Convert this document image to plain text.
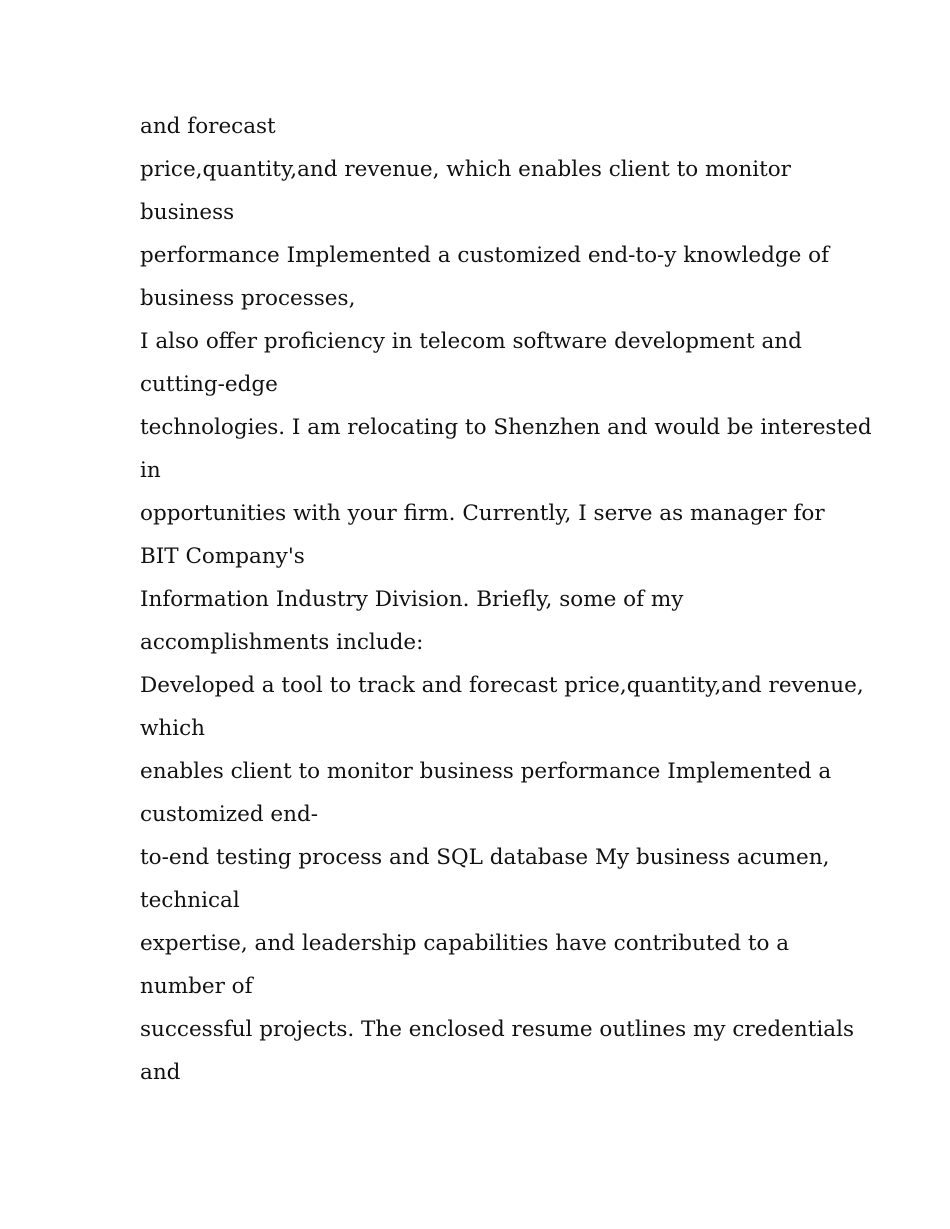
and forecast

price,quantity,and revenue, which enables client to monitor

business

performance Implemented a customized end-to-y knowledge of

business processes,

I also offer proficiency in telecom software development and

cutting-edge

technologies. I am relocating to Shenzhen and would be interested

in

opportunities with your firm. Currently, I serve as manager for

BIT Company's

Information Industry Division. Briefly, some of my

accomplishments include:

Developed a tool to track and forecast price,quantity,and revenue,

which

enables client to monitor business performance Implemented a

customized end-

to-end testing process and SQL database My business acumen,

technical

expertise, and leadership capabilities have contributed to a

number of

successful projects. The enclosed resume outlines my credentials

and
